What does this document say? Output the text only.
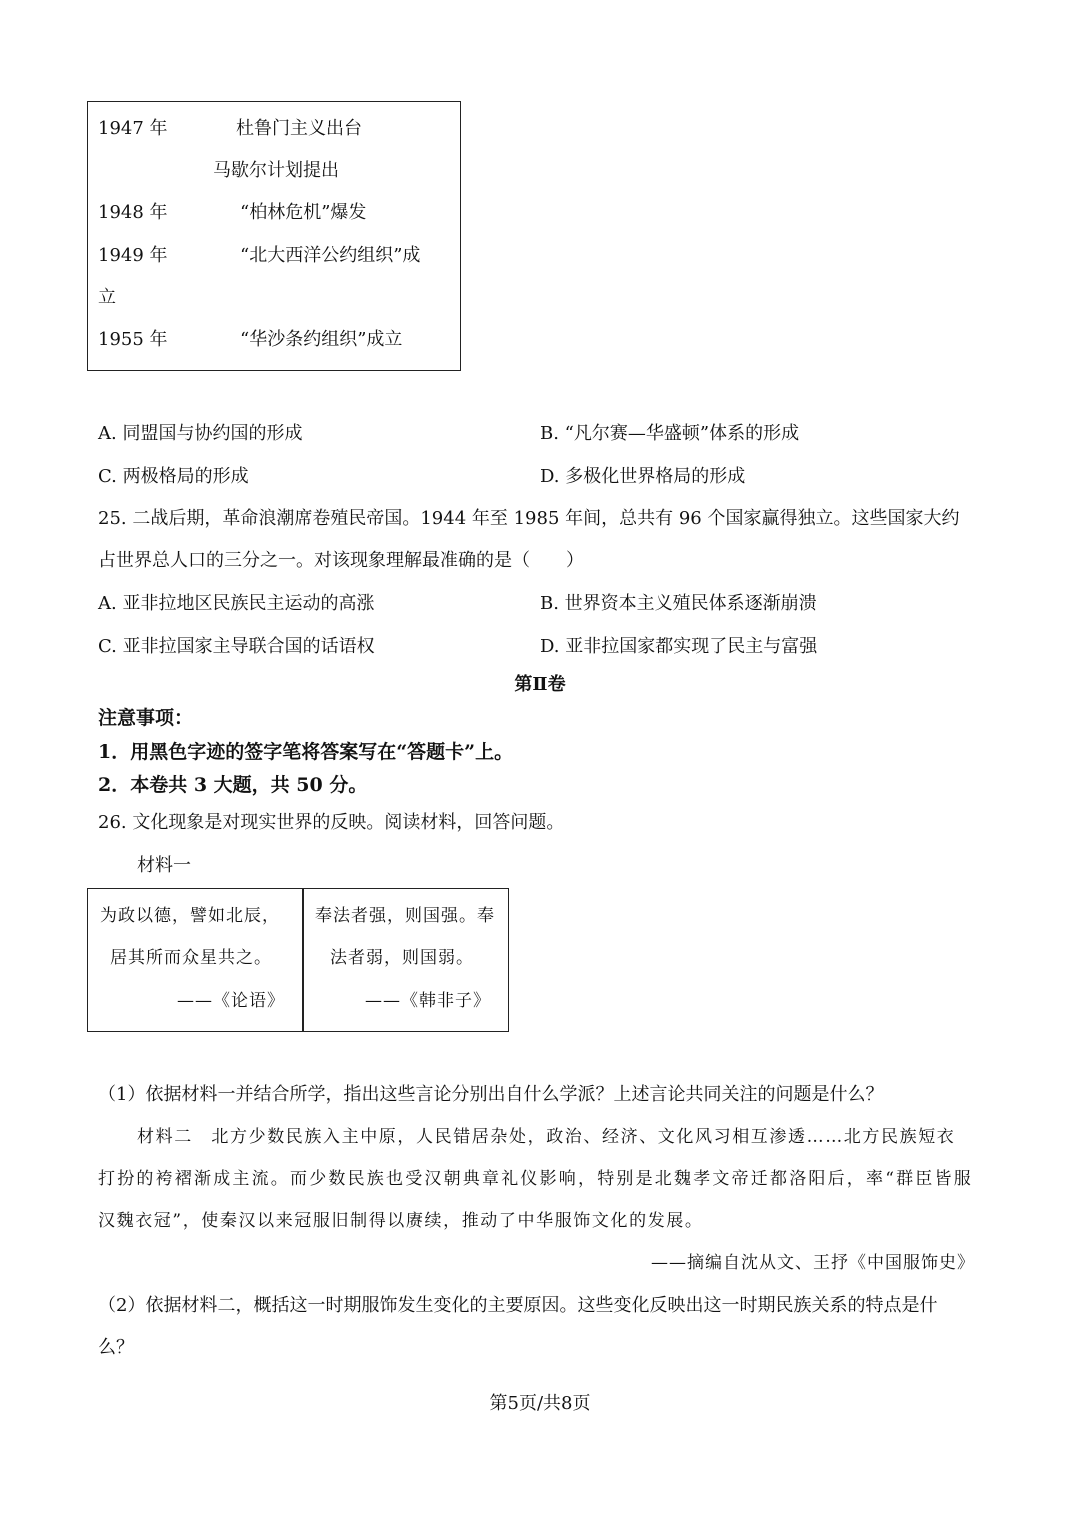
1947 年	杜鲁门主义出台
马歇尔计划提出
1948 年	“柏林危机”爆发
1949 年	“北大西洋公约组织”成
立
1955 年	“华沙条约组织”成立
A. 同盟国与协约国的形成	B. “凡尔赛—华盛顿”体系的形成
C. 两极格局的形成	D. 多极化世界格局的形成
25. 二战后期，革命浪潮席卷殖民帝国。1944 年至 1985 年间，总共有 96 个国家赢得独立。这些国家大约
占世界总人口的三分之一。对该现象理解最准确的是（　　）
A. 亚非拉地区民族民主运动的高涨	B. 世界资本主义殖民体系逐渐崩溃
C. 亚非拉国家主导联合国的话语权	D. 亚非拉国家都实现了民主与富强
第Ⅱ卷
注意事项：
1．用黑色字迹的签字笔将答案写在“答题卡”上。
2．本卷共 3 大题，共 50 分。
26. 文化现象是对现实世界的反映。阅读材料，回答问题。
材料一
为政以德，譬如北辰，
居其所而众星共之。
——《论语》
奉法者强，则国强。奉
法者弱，则国弱。
——《韩非子》
（1）依据材料一并结合所学，指出这些言论分别出自什么学派？上述言论共同关注的问题是什么？
材料二　北方少数民族入主中原，人民错居杂处，政治、经济、文化风习相互渗透……北方民族短衣
打扮的袴褶渐成主流。而少数民族也受汉朝典章礼仪影响，特别是北魏孝文帝迁都洛阳后，率“群臣皆服
汉魏衣冠”，使秦汉以来冠服旧制得以赓续，推动了中华服饰文化的发展。
——摘编自沈从文、王抒《中国服饰史》
（2）依据材料二，概括这一时期服饰发生变化的主要原因。这些变化反映出这一时期民族关系的特点是什
么？
第5页/共8页
